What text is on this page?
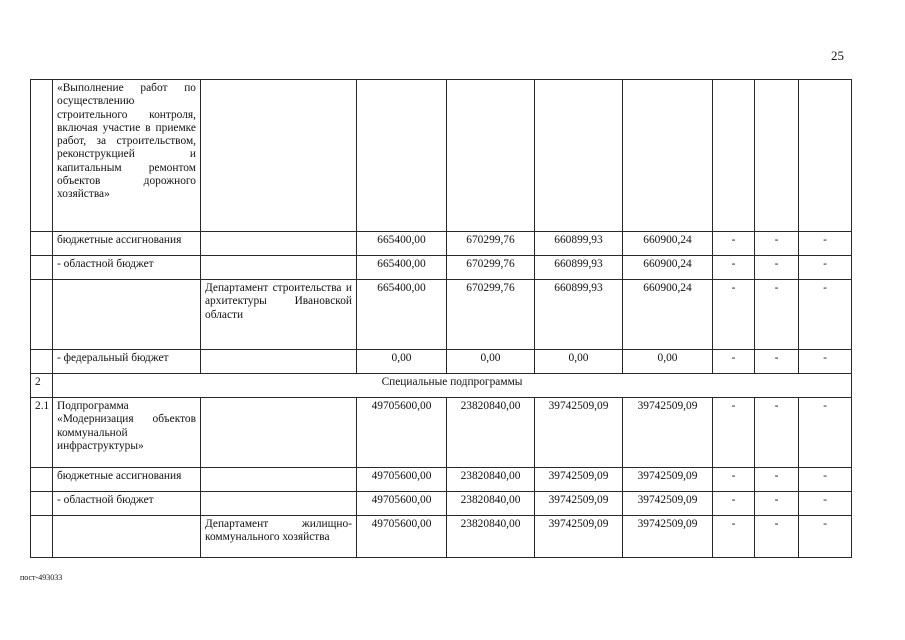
25
	«Выполнение работ по осуществлению строительного контроля, включая участие в приемке работ, за строительством, реконструкцией и капитальным ремонтом объектов дорожного хозяйства»								
	бюджетные ассигнования		665400,00	670299,76	660899,93	660900,24	-	-	-
	- областной бюджет		665400,00	670299,76	660899,93	660900,24	-	-	-
		Департамент строительства и архитектуры Ивановской области	665400,00	670299,76	660899,93	660900,24	-	-	-
	- федеральный бюджет		0,00	0,00	0,00	0,00	-	-	-
2	Специальные подпрограммы								
2.1	Подпрограмма «Модернизация объектов коммунальной инфраструктуры»		49705600,00	23820840,00	39742509,09	39742509,09	-	-	-
	бюджетные ассигнования		49705600,00	23820840,00	39742509,09	39742509,09	-	-	-
	- областной бюджет		49705600,00	23820840,00	39742509,09	39742509,09	-	-	-
		Департамент жилищно-коммунального хозяйства	49705600,00	23820840,00	39742509,09	39742509,09	-	-	-
пост-493033
